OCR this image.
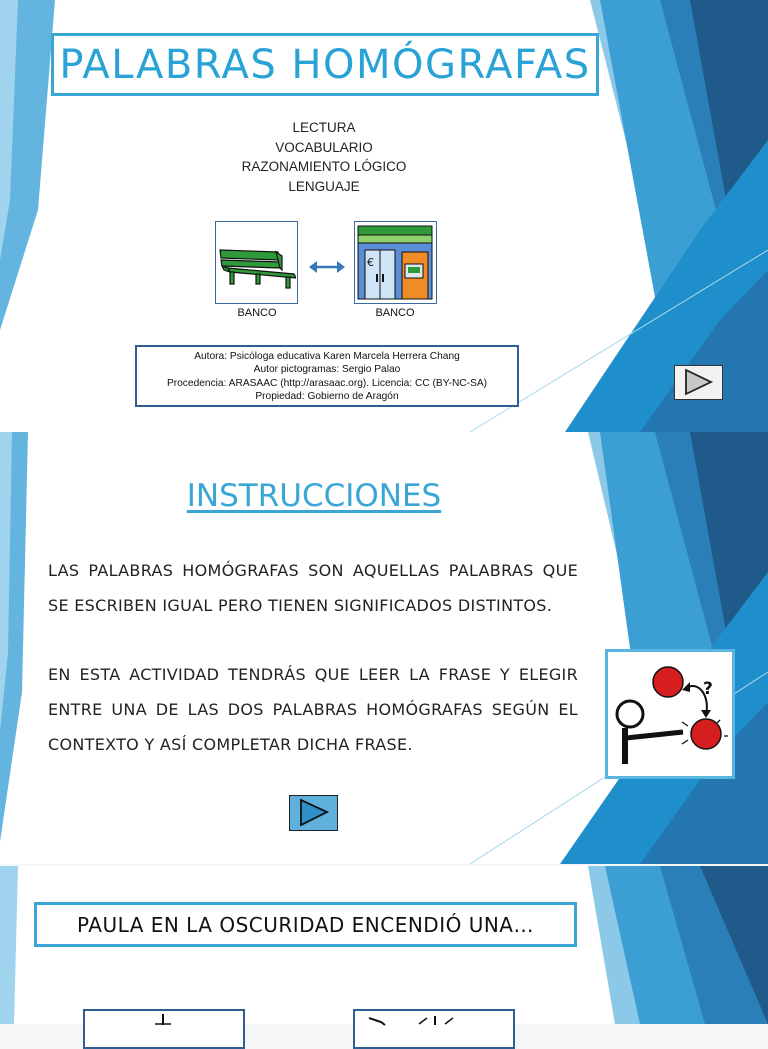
PALABRAS HOMÓGRAFAS
LECTURA
VOCABULARIO
RAZONAMIENTO LÓGICO
LENGUAJE
BANCO
€
BANCO
Autora: Psicóloga educativa Karen Marcela Herrera Chang
Autor pictogramas: Sergio Palao
Procedencia: ARASAAC (http://arasaac.org). Licencia: CC (BY-NC-SA)
Propiedad: Gobierno de Aragón
INSTRUCCIONES
LAS PALABRAS HOMÓGRAFAS SON AQUELLAS PALABRAS QUE SE ESCRIBEN IGUAL PERO TIENEN SIGNIFICADOS DISTINTOS.
EN ESTA ACTIVIDAD TENDRÁS QUE LEER LA FRASE Y ELEGIR ENTRE UNA DE LAS DOS PALABRAS HOMÓGRAFAS SEGÚN EL CONTEXTO Y ASÍ COMPLETAR DICHA FRASE.
?
PAULA EN LA OSCURIDAD ENCENDIÓ UNA…
